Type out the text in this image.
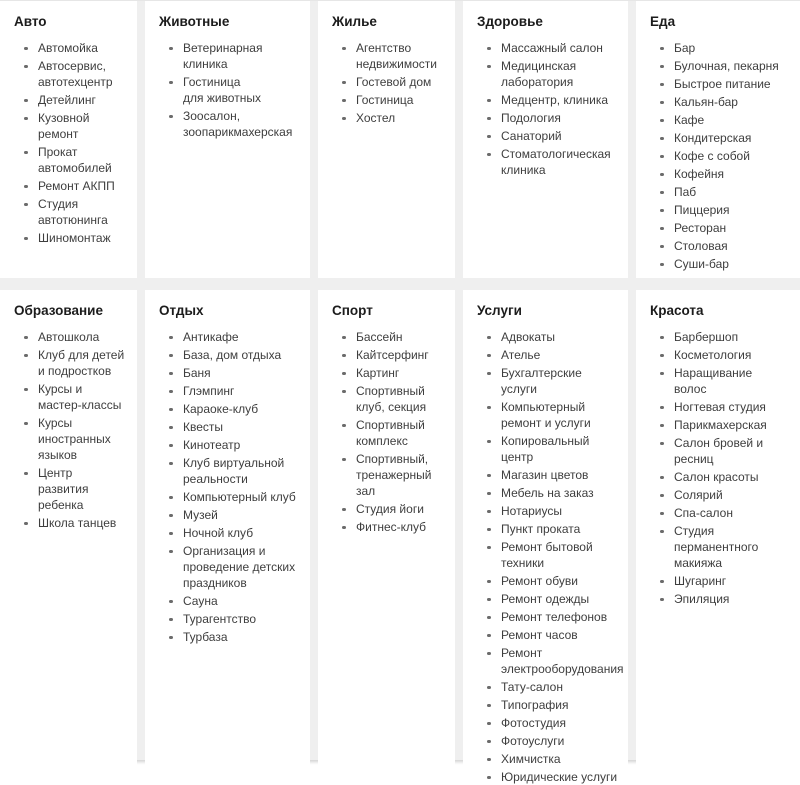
Авто
Автомойка
Автосервис, автотехцентр
Детейлинг
Кузовной ремонт
Прокат автомобилей
Ремонт АКПП
Студия автотюнинга
Шиномонтаж
Животные
Ветеринарная клиника
Гостиница для животных
Зоосалон, зоопарикмахерская
Жилье
Агентство недвижимости
Гостевой дом
Гостиница
Хостел
Здоровье
Массажный салон
Медицинская лаборатория
Медцентр, клиника
Подология
Санаторий
Стоматологическая клиника
Еда
Бар
Булочная, пекарня
Быстрое питание
Кальян-бар
Кафе
Кондитерская
Кофе с собой
Кофейня
Паб
Пиццерия
Ресторан
Столовая
Суши-бар
Образование
Автошкола
Клуб для детей и подростков
Курсы и мастер-классы
Курсы иностранных языков
Центр развития ребенка
Школа танцев
Отдых
Антикафе
База, дом отдыха
Баня
Глэмпинг
Караоке-клуб
Квесты
Кинотеатр
Клуб виртуальной реальности
Компьютерный клуб
Музей
Ночной клуб
Организация и проведение детских праздников
Сауна
Турагентство
Турбаза
Спорт
Бассейн
Кайтсерфинг
Картинг
Спортивный клуб, секция
Спортивный комплекс
Спортивный, тренажерный зал
Студия йоги
Фитнес-клуб
Услуги
Адвокаты
Ателье
Бухгалтерские услуги
Компьютерный ремонт и услуги
Копировальный центр
Магазин цветов
Мебель на заказ
Нотариусы
Пункт проката
Ремонт бытовой техники
Ремонт обуви
Ремонт одежды
Ремонт телефонов
Ремонт часов
Ремонт электрооборудования
Тату-салон
Типография
Фотостудия
Фотоуслуги
Химчистка
Юридические услуги
Красота
Барбершоп
Косметология
Наращивание волос
Ногтевая студия
Парикмахерская
Салон бровей и ресниц
Салон красоты
Солярий
Спа-салон
Студия перманентного макияжа
Шугаринг
Эпиляция
